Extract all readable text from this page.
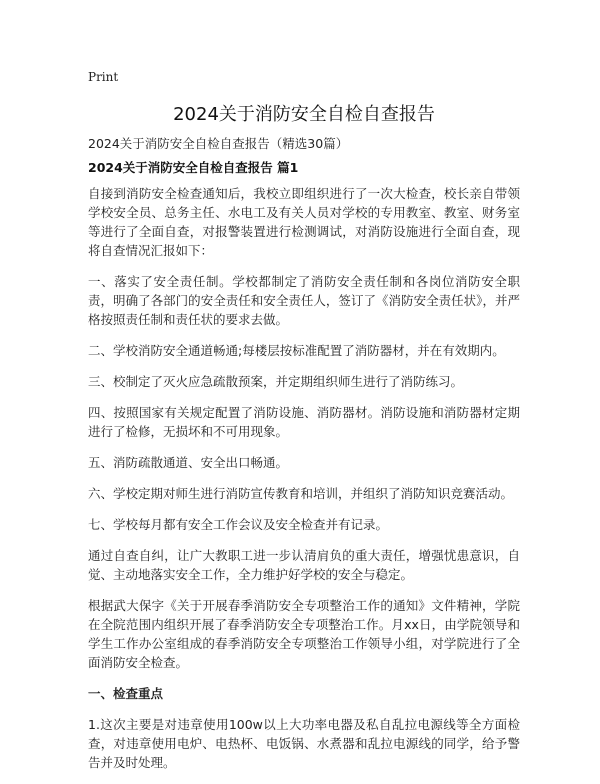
Print
2024关于消防安全自检自查报告

2024关于消防安全自检自查报告（精选30篇）

2024关于消防安全自检自查报告 篇1

自接到消防安全检查通知后，我校立即组织进行了一次大检查，校长亲自带领学校安全员、总务主任、水电工及有关人员对学校的专用教室、教室、财务室等进行了全面自查，对报警装置进行检测调试，对消防设施进行全面自查，现将自查情况汇报如下：

一、落实了安全责任制。学校都制定了消防安全责任制和各岗位消防安全职责，明确了各部门的安全责任和安全责任人，签订了《消防安全责任状》，并严格按照责任制和责任状的要求去做。

二、学校消防安全通道畅通;每楼层按标准配置了消防器材，并在有效期内。

三、校制定了灭火应急疏散预案，并定期组织师生进行了消防练习。

四、按照国家有关规定配置了消防设施、消防器材。消防设施和消防器材定期进行了检修，无损坏和不可用现象。

五、消防疏散通道、安全出口畅通。

六、学校定期对师生进行消防宣传教育和培训，并组织了消防知识竞赛活动。

七、学校每月都有安全工作会议及安全检查并有记录。

通过自查自纠，让广大教职工进一步认清肩负的重大责任，增强忧患意识，自觉、主动地落实安全工作，全力维护好学校的安全与稳定。

根据武大保字《关于开展春季消防安全专项整治工作的通知》文件精神，学院在全院范围内组织开展了春季消防安全专项整治工作。月xx日，由学院领导和学生工作办公室组成的春季消防安全专项整治工作领导小组，对学院进行了全面消防安全检查。

一、检查重点

1.这次主要是对违章使用100w以上大功率电器及私自乱拉电源线等全方面检查，对违章使用电炉、电热杯、电饭锅、水煮器和乱拉电源线的同学，给予警告并及时处理。
